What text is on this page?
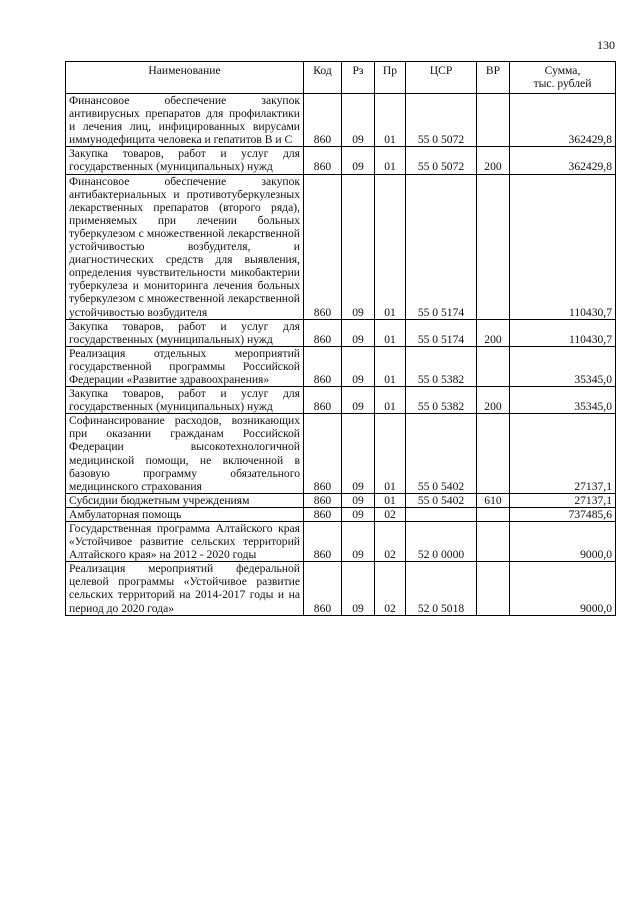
130
Наименование	Код	Рз	Пр	ЦСР	ВР	Сумма,
тыс. рублей
Финансовое обеспечение закупок антивирусных препаратов для профилактики и лечения лиц, инфицированных вирусами иммунодефицита человека и гепатитов В и С	860	09	01	55 0 5072		362429,8
Закупка товаров, работ и услуг для государственных (муниципальных) нужд	860	09	01	55 0 5072	200	362429,8
Финансовое обеспечение закупок антибактериальных и противотуберкулезных лекарственных препаратов (второго ряда), применяемых при лечении больных туберкулезом с множественной лекарственной устойчивостью возбудителя, и диагностических средств для выявления, определения чувствительности микобактерии туберкулеза и мониторинга лечения больных туберкулезом с множественной лекарственной устойчивостью возбудителя	860	09	01	55 0 5174		110430,7
Закупка товаров, работ и услуг для государственных (муниципальных) нужд	860	09	01	55 0 5174	200	110430,7
Реализация отдельных мероприятий государственной программы Российской Федерации «Развитие здравоохранения»	860	09	01	55 0 5382		35345,0
Закупка товаров, работ и услуг для государственных (муниципальных) нужд	860	09	01	55 0 5382	200	35345,0
Софинансирование расходов, возникающих при оказании гражданам Российской Федерации высокотехнологичной медицинской помощи, не включенной в базовую программу обязательного медицинского страхования	860	09	01	55 0 5402		27137,1
Субсидии бюджетным учреждениям	860	09	01	55 0 5402	610	27137,1
Амбулаторная помощь	860	09	02			737485,6
Государственная программа Алтайского края «Устойчивое развитие сельских территорий Алтайского края» на 2012 - 2020 годы	860	09	02	52 0 0000		9000,0
Реализация мероприятий федеральной целевой программы «Устойчивое развитие сельских территорий на 2014-2017 годы и на период до 2020 года»	860	09	02	52 0 5018		9000,0
